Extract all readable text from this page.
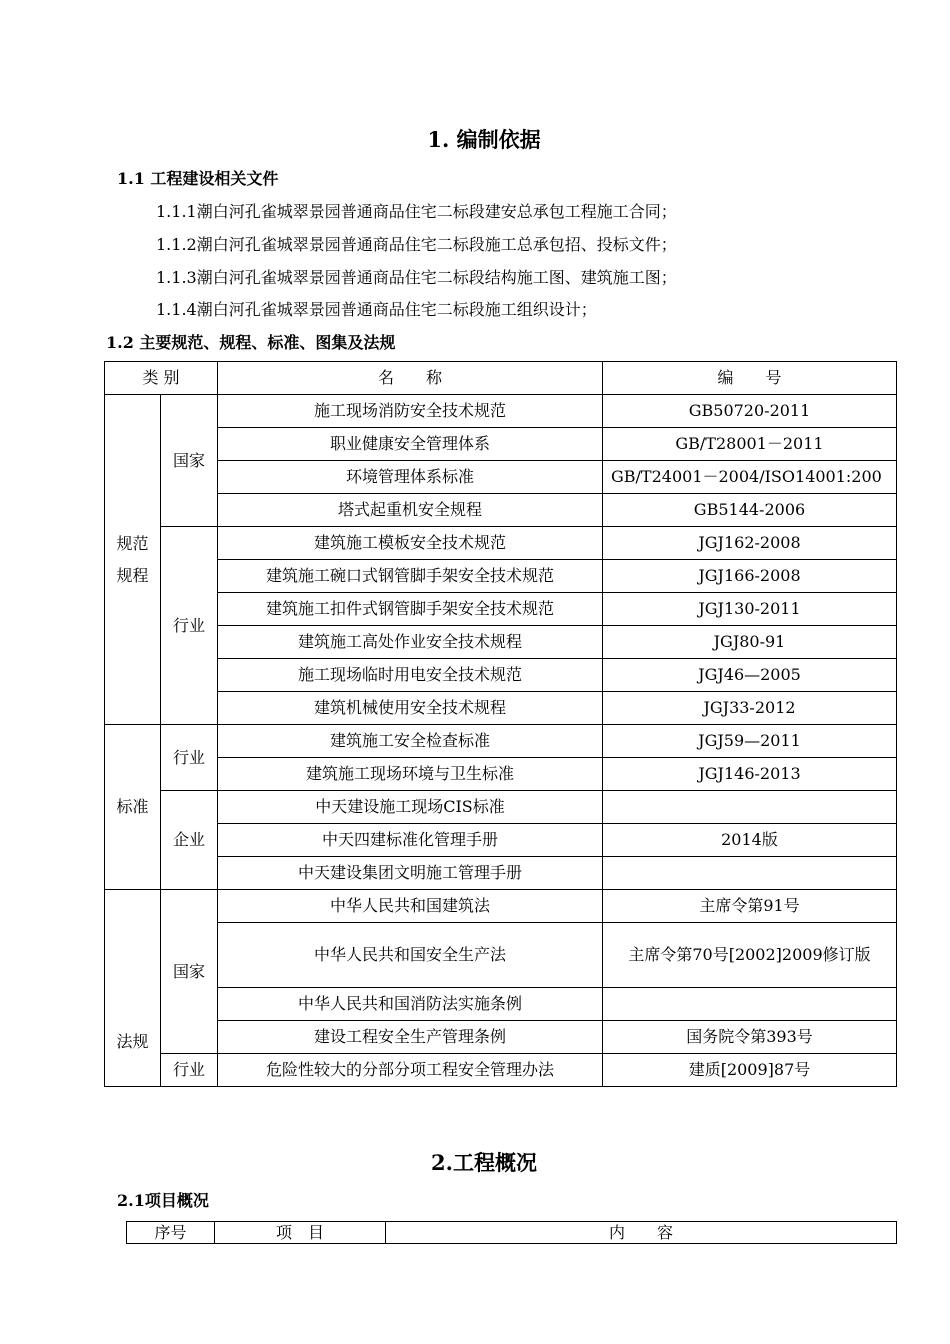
1. 编制依据
1.1 工程建设相关文件
1.1.1潮白河孔雀城翠景园普通商品住宅二标段建安总承包工程施工合同；
1.1.2潮白河孔雀城翠景园普通商品住宅二标段施工总承包招、投标文件；
1.1.3潮白河孔雀城翠景园普通商品住宅二标段结构施工图、建筑施工图；
1.1.4潮白河孔雀城翠景园普通商品住宅二标段施工组织设计；
1.2 主要规范、规程、标准、图集及法规
类 别		名　　称	编　　号
规范规程	国家	施工现场消防安全技术规范	GB50720-2011
		职业健康安全管理体系	GB/T28001－2011
		环境管理体系标准	GB/T24001－2004/ISO14001:200
		塔式起重机安全规程	GB5144-2006
	行业	建筑施工模板安全技术规范	JGJ162-2008
		建筑施工碗口式钢管脚手架安全技术规范	JGJ166-2008
		建筑施工扣件式钢管脚手架安全技术规范	JGJ130-2011
		建筑施工高处作业安全技术规程	JGJ80-91
		施工现场临时用电安全技术规范	JGJ46—2005
		建筑机械使用安全技术规程	JGJ33-2012
标准	行业	建筑施工安全检查标准	JGJ59—2011
		建筑施工现场环境与卫生标准	JGJ146-2013
	企业	中天建设施工现场CIS标准	
		中天四建标准化管理手册	2014版
		中天建设集团文明施工管理手册	
法规	国家	中华人民共和国建筑法	主席令第91号
		中华人民共和国安全生产法	主席令第70号[2002]2009修订版
		中华人民共和国消防法实施条例	
		建设工程安全生产管理条例	国务院令第393号
	行业	危险性较大的分部分项工程安全管理办法	建质[2009]87号
2.工程概况
2.1项目概况
序号	项　目	内　　容
